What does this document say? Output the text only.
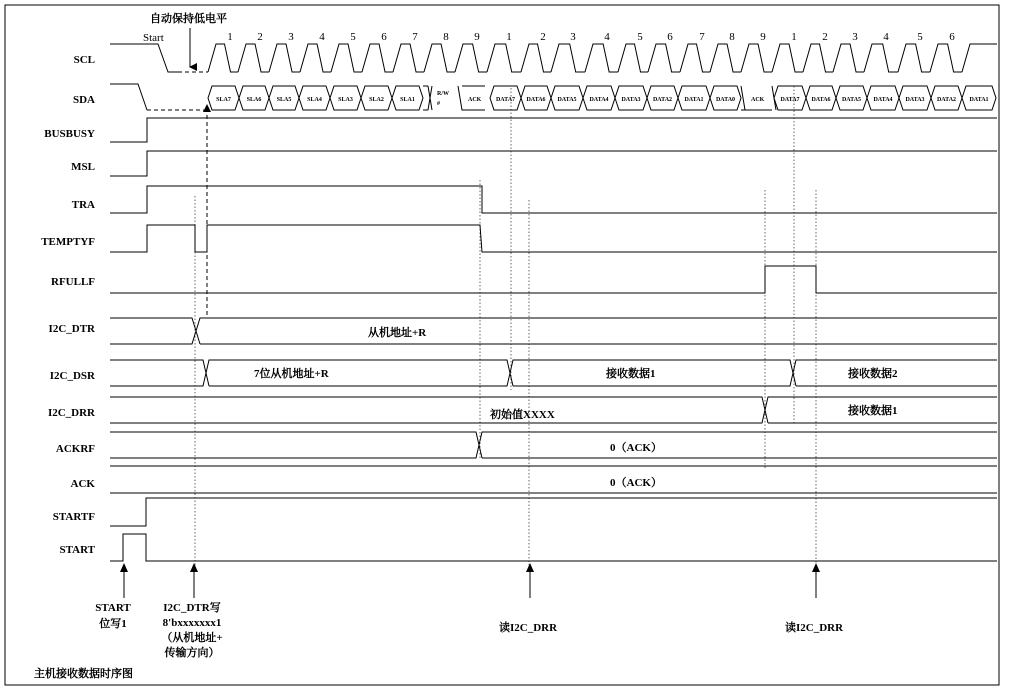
SCL
SDA
BUSBUSY
MSL
TRA
TEMPTYF
RFULLF
I2C_DTR
I2C_DSR
I2C_DRR
ACKRF
ACK
STARTF
START
自动保持低电平
Start	1 2 3 4 5 6 7 8 9 1	2 3	4	5 6 7 8 9 1 2 3 4	5 6
SLA7	SLA6	SLA5	SLA4	SLA3	SLA2	SLA1	DATA7 DATA6 DATA5 DATA4 DATA3 DATA2 DATA1 DATA0	DATA7 DATA6 DATA5 DATA4 DATA3 DATA2 DATA1
R/W
#
ACK	ACK
从机地址+R
7位从机地址+R	接收数据1	接收数据2
初始值XXXX	接收数据1
0（ACK）
0（ACK）
START
位写1
I2C_DTR写
8'bxxxxxxx1
（从机地址+
传输方向）
读I2C_DRR	读I2C_DRR
主机接收数据时序图
